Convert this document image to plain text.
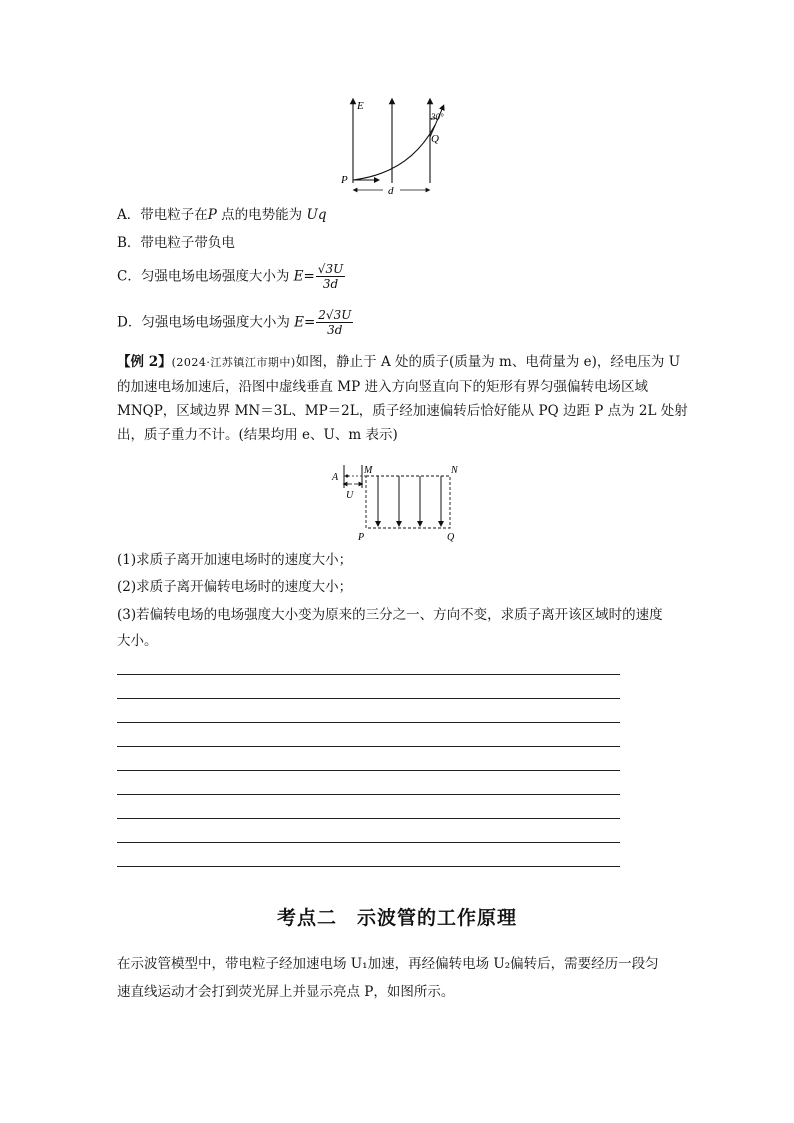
E
30°
Q
P
d
A．带电粒子在P 点的电势能为 Uq
B．带电粒子带负电
C．匀强电场电场强度大小为 $E= \frac{√3U}{3d}$
D．匀强电场电场强度大小为 $E= \frac{2√3U}{3d}$
【例 2】(2024·江苏镇江市期中)如图，静止于 A 处的质子(质量为 m、电荷量为 e)，经电压为 U
的加速电场加速后，沿图中虚线垂直 MP 进入方向竖直向下的矩形有界匀强偏转电场区域
MNQP，区域边界 MN＝3L、MP＝2L，质子经加速偏转后恰好能从 PQ 边距 P 点为 2L 处射
出，质子重力不计。(结果均用 e、U、m 表示)
A
M	N
U
P	Q
(1)求质子离开加速电场时的速度大小；
(2)求质子离开偏转电场时的速度大小；
(3)若偏转电场的电场强度大小变为原来的三分之一、方向不变，求质子离开该区域时的速度
大小。
考点二　示波管的工作原理
在示波管模型中，带电粒子经加速电场 U₁加速，再经偏转电场 U₂偏转后，需要经历一段匀
速直线运动才会打到荧光屏上并显示亮点 P，如图所示。
